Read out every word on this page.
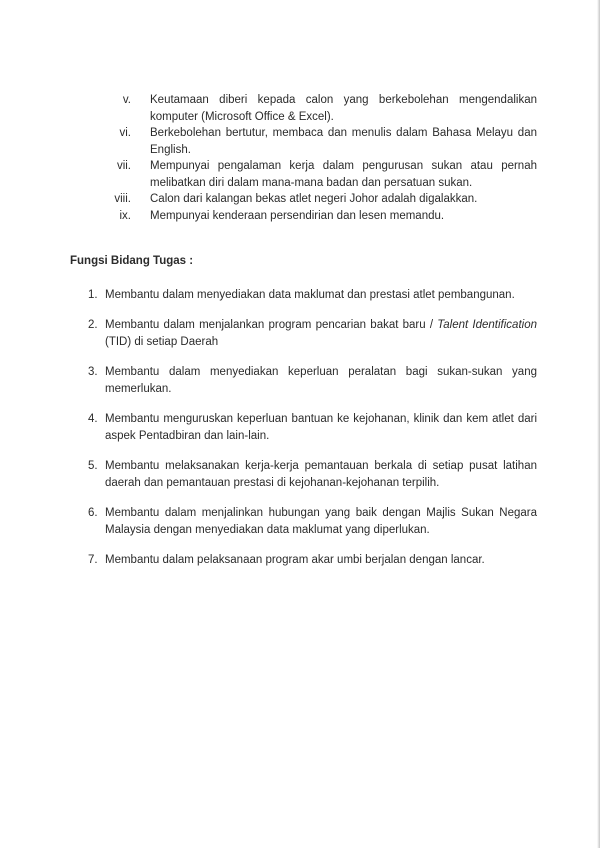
v.	Keutamaan diberi kepada calon yang berkebolehan mengendalikan komputer (Microsoft Office & Excel).
vi.	Berkebolehan bertutur, membaca dan menulis dalam Bahasa Melayu dan English.
vii.	Mempunyai pengalaman kerja dalam pengurusan sukan atau pernah melibatkan diri dalam mana-mana badan dan persatuan sukan.
viii.	Calon dari kalangan bekas atlet negeri Johor adalah digalakkan.
ix.	Mempunyai kenderaan persendirian dan lesen memandu.
Fungsi Bidang Tugas :
1. Membantu dalam menyediakan data maklumat dan prestasi atlet pembangunan.
2. Membantu dalam menjalankan program pencarian bakat baru / Talent Identification (TID) di setiap Daerah
3. Membantu dalam menyediakan keperluan peralatan bagi sukan-sukan yang memerlukan.
4. Membantu menguruskan keperluan bantuan ke kejohanan, klinik dan kem atlet dari aspek Pentadbiran dan lain-lain.
5. Membantu melaksanakan kerja-kerja pemantauan berkala di setiap pusat latihan daerah dan pemantauan prestasi di kejohanan-kejohanan terpilih.
6. Membantu dalam menjalinkan hubungan yang baik dengan Majlis Sukan Negara Malaysia dengan menyediakan data maklumat yang diperlukan.
7. Membantu dalam pelaksanaan program akar umbi berjalan dengan lancar.
